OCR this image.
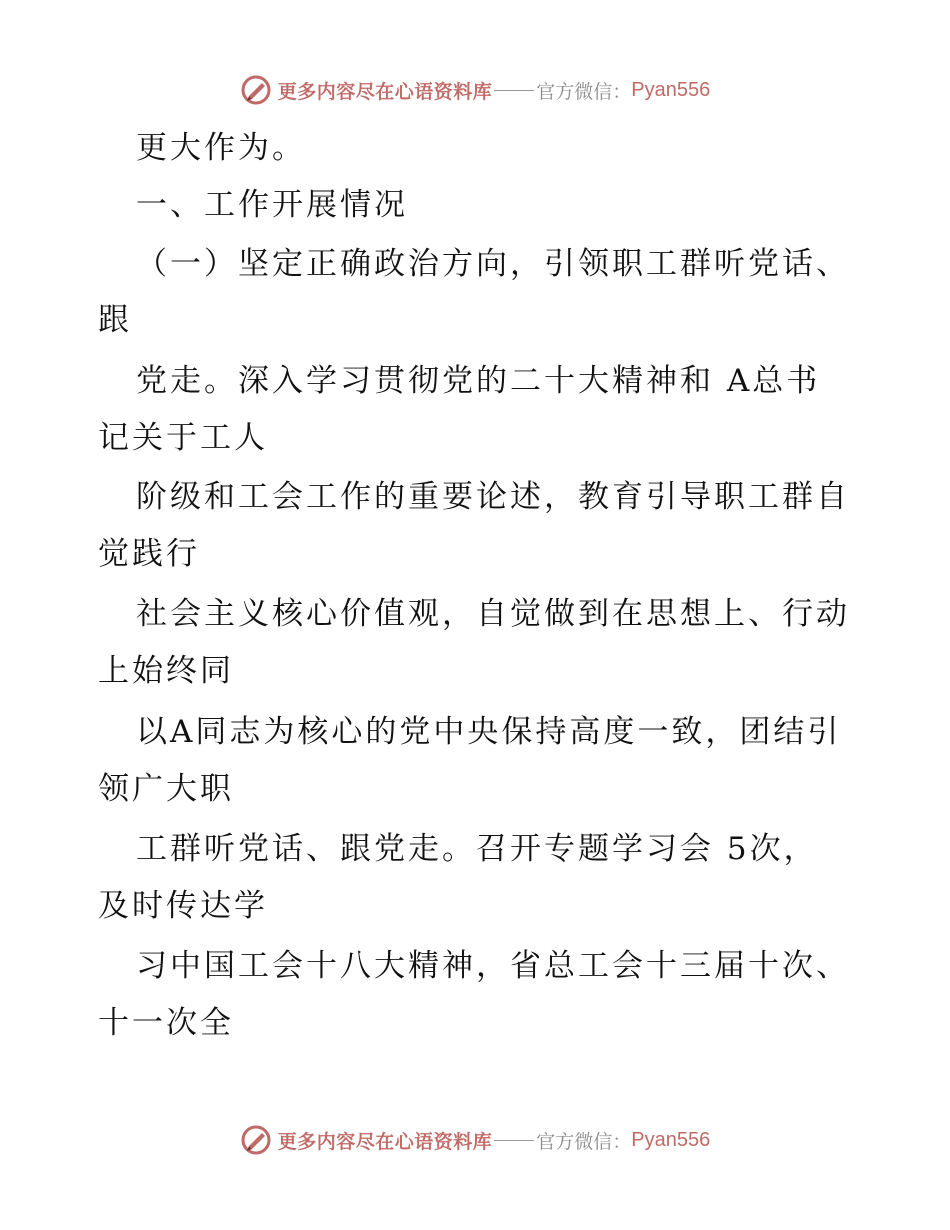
更多内容尽在心语资料库 官方微信： Pyan556
更大作为。
一、工作开展情况
（一）坚定正确政治方向，引领职工群听党话、
跟
党走。深入学习贯彻党的二十大精神和 A总书
记关于工人
阶级和工会工作的重要论述，教育引导职工群自
觉践行
社会主义核心价值观，自觉做到在思想上、行动
上始终同
以A同志为核心的党中央保持高度一致，团结引
领广大职
工群听党话、跟党走。召开专题学习会 5次，
及时传达学
习中国工会十八大精神，省总工会十三届十次、
十一次全
更多内容尽在心语资料库 官方微信： Pyan556
